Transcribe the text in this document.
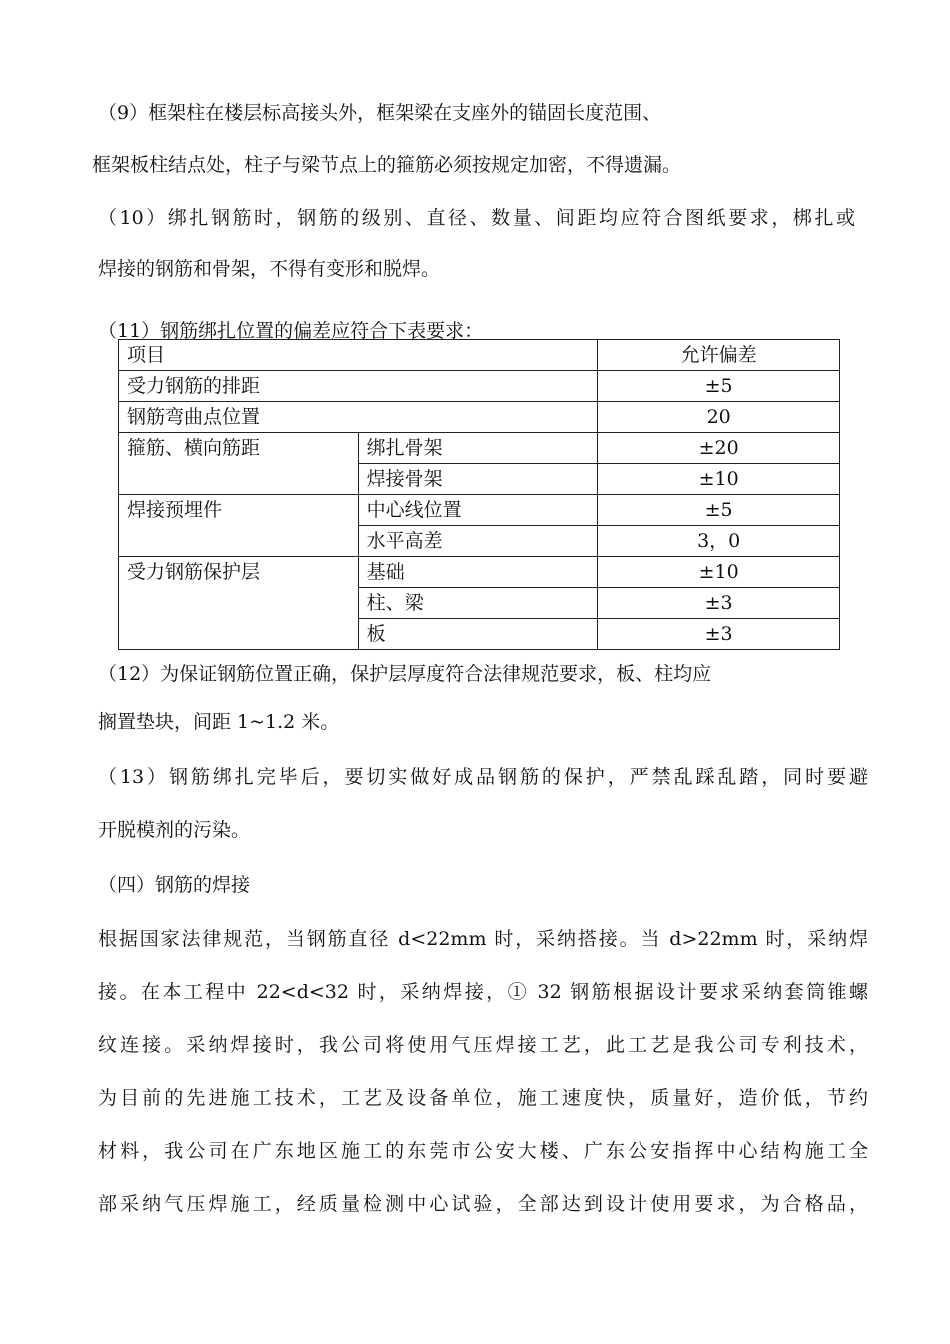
（9）框架柱在楼层标高接头外，框架梁在支座外的锚固长度范围、

框架板柱结点处，柱子与梁节点上的箍筋必须按规定加密，不得遗漏。

（10）绑扎钢筋时，钢筋的级别、直径、数量、间距均应符合图纸要求，梆扎或

焊接的钢筋和骨架，不得有变形和脱焊。

（11）钢筋绑扎位置的偏差应符合下表要求：

项目		允许偏差
受力钢筋的排距		±5
钢筋弯曲点位置		20
箍筋、横向筋距	绑扎骨架	±20
	焊接骨架	±10
焊接预埋件	中心线位置	±5
	水平高差	3，0
受力钢筋保护层	基础	±10
	柱、梁	±3
	板	±3

（12）为保证钢筋位置正确，保护层厚度符合法律规范要求，板、柱均应

搁置垫块，间距 1~1.2 米。

（13）钢筋绑扎完毕后，要切实做好成品钢筋的保护，严禁乱踩乱踏，同时要避

开脱模剂的污染。

（四）钢筋的焊接

根据国家法律规范，当钢筋直径 d<22mm 时，采纳搭接。当 d>22mm 时，采纳焊

接。在本工程中 22<d<32 时，采纳焊接，① 32 钢筋根据设计要求采纳套筒锥螺

纹连接。采纳焊接时，我公司将使用气压焊接工艺，此工艺是我公司专利技术，

为目前的先进施工技术，工艺及设备单位，施工速度快，质量好，造价低，节约

材料，我公司在广东地区施工的东莞市公安大楼、广东公安指挥中心结构施工全

部采纳气压焊施工，经质量检测中心试验，全部达到设计使用要求，为合格品，
